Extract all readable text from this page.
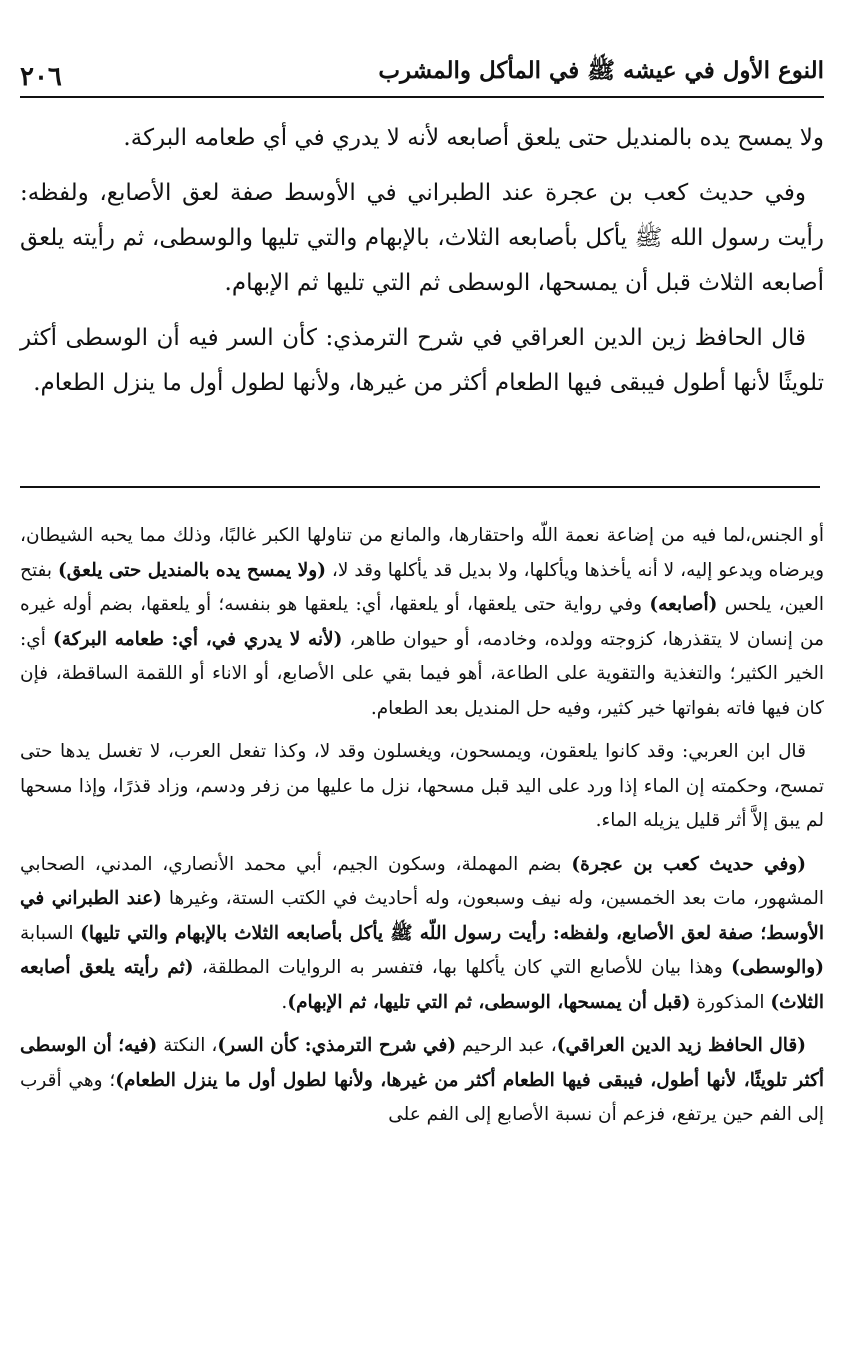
النوع الأول في عيشه ﷺ في المأكل والمشرب
٢٠٦

ولا يمسح يده بالمنديل حتى يلعق أصابعه لأنه لا يدري في أي طعامه البركة.

وفي حديث كعب بن عجرة عند الطبراني في الأوسط صفة لعق الأصابع، ولفظه: رأيت رسول الله ﷺ يأكل بأصابعه الثلاث، بالإبهام والتي تليها والوسطى، ثم رأيته يلعق أصابعه الثلاث قبل أن يمسحها، الوسطى ثم التي تليها ثم الإبهام.

قال الحافظ زين الدين العراقي في شرح الترمذي: كأن السر فيه أن الوسطى أكثر تلويثًا لأنها أطول فيبقى فيها الطعام أكثر من غيرها، ولأنها لطول أول ما ينزل الطعام.

أو الجنس،لما فيه من إضاعة نعمة اللّه واحتقارها، والمانع من تناولها الكبر غالبًا، وذلك مما يحبه الشيطان، ويرضاه ويدعو إليه، لا أنه يأخذها ويأكلها، ولا بديل قد يأكلها وقد لا، (ولا يمسح يده بالمنديل حتى يلعق) بفتح العين، يلحس (أصابعه) وفي رواية حتى يلعقها، أو يلعقها، أي: يلعقها هو بنفسه؛ أو يلعقها، بضم أوله غيره من إنسان لا يتقذرها، كزوجته وولده، وخادمه، أو حيوان طاهر، (لأنه لا يدري في، أي: طعامه البركة) أي: الخير الكثير؛ والتغذية والتقوية على الطاعة، أهو فيما بقي على الأصابع، أو الاناء أو اللقمة الساقطة، فإن كان فيها فاته بفواتها خير كثير، وفيه حل المنديل بعد الطعام.

قال ابن العربي: وقد كانوا يلعقون، ويمسحون، ويغسلون وقد لا، وكذا تفعل العرب، لا تغسل يدها حتى تمسح، وحكمته إن الماء إذا ورد على اليد قبل مسحها، نزل ما عليها من زفر ودسم، وزاد قذرًا، وإذا مسحها لم يبق إلاَّ أثر قليل يزيله الماء.

(وفي حديث كعب بن عجرة) بضم المهملة، وسكون الجيم، أبي محمد الأنصاري، المدني، الصحابي المشهور، مات بعد الخمسين، وله نيف وسبعون، وله أحاديث في الكتب الستة، وغيرها (عند الطبراني في الأوسط؛ صفة لعق الأصابع، ولفظه: رأيت رسول اللّه ﷺ يأكل بأصابعه الثلاث بالإبهام والتي تليها) السبابة (والوسطى) وهذا بيان للأصابع التي كان يأكلها بها، فتفسر به الروايات المطلقة، (ثم رأيته يلعق أصابعه الثلاث) المذكورة (قبل أن يمسحها، الوسطى، ثم التي تليها، ثم الإبهام).

(قال الحافظ زيد الدين العراقي)، عبد الرحيم (في شرح الترمذي: كأن السر)، النكتة (فيه؛ أن الوسطى أكثر تلويثًا، لأنها أطول، فيبقى فيها الطعام أكثر من غيرها، ولأنها لطول أول ما ينزل الطعام)؛ وهي أقرب إلى الفم حين يرتفع، فزعم أن نسبة الأصابع إلى الفم على
